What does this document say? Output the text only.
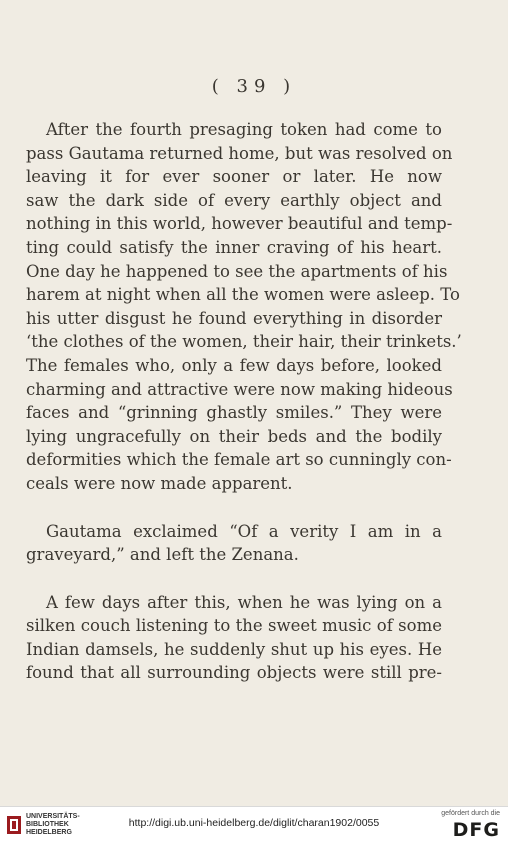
( 39 )
After the fourth presaging token had come to
pass Gautama returned home, but was resolved on
leaving it for ever sooner or later. He now
saw the dark side of every earthly object and
nothing in this world, however beautiful and temp-
ting could satisfy the inner craving of his heart.
One day he happened to see the apartments of his
harem at night when all the women were asleep. To
his utter disgust he found everything in disorder
‘the clothes of the women, their hair, their trinkets.’
The females who, only a few days before, looked
charming and attractive were now making hideous
faces and “grinning ghastly smiles.” They were
lying ungracefully on their beds and the bodily
deformities which the female art so cunningly con-
ceals were now made apparent.
Gautama exclaimed “Of a verity I am in a
graveyard,” and left the Zenana.
A few days after this, when he was lying on a
silken couch listening to the sweet music of some
Indian damsels, he suddenly shut up his eyes. He
found that all surrounding objects were still pre-
UNIVERSITÄTS-
BIBLIOTHEK
HEIDELBERG
http://digi.ub.uni-heidelberg.de/diglit/charan1902/0055
gefördert durch die
DFG
